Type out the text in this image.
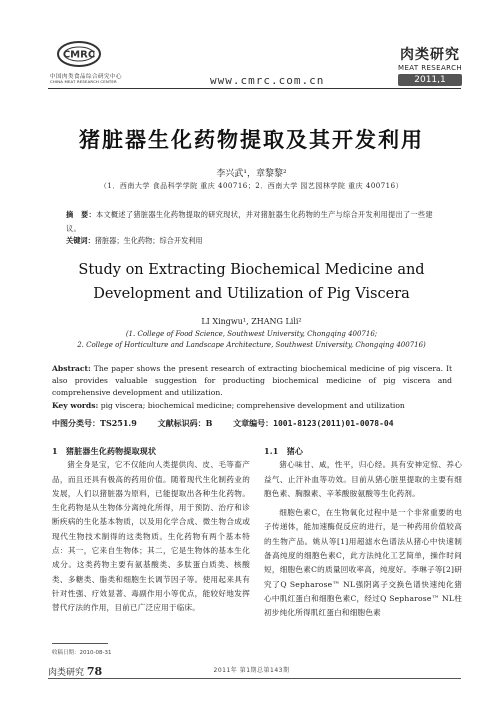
CMRC
中国肉类食品综合研究中心
CHINA MEAT RESEARCH CENTER	www.cmrc.com.cn
肉类研究
MEAT RESEARCH
2011,1
猪脏器生化药物提取及其开发利用
李兴武¹，章黎黎²
（1．西南大学 食品科学学院 重庆 400716；2．西南大学 园艺园林学院 重庆 400716）
摘　要：本文概述了猪脏器生化药物提取的研究现状，并对猪脏器生化药物的生产与综合开发利用提出了一些建议。
关键词：猪脏器；生化药物；综合开发利用
Study on Extracting Biochemical Medicine and
Development and Utilization of Pig Viscera
LI Xingwu¹, ZHANG Lili²
(1. College of Food Science, Southwest University, Chongqing 400716;
2. College of Horticulture and Landscape Architecture, Southwest University, Chongqing 400716)
Abstract: The paper shows the present research of extracting biochemical medicine of pig viscera. It also provides valuable suggestion for producting biochemical medicine of pig viscera and comprehensive development and utilization.
Key words: pig viscera; biochemical medicine; comprehensive development and utilization
中图分类号：TS251.9	文献标识码：B	文章编号：1001-8123(2011)01-0078-04
1　猪脏器生化药物提取现状
猪全身是宝，它不仅能向人类提供肉、皮、毛等畜产品，而且还具有极高的药用价值。随着现代生化制药业的发展，人们以猪脏器为原料，已能提取出各种生化药物。生化药物是从生物体分离纯化所得，用于预防、治疗和诊断疾病的生化基本物质，以及用化学合成、微生物合成或现代生物技术制得的这类物质。生化药物有两个基本特点：其一，它来自生物体；其二，它是生物体的基本生化成分。这类药物主要有氨基酸类、多肽蛋白质类、核酸类、多糖类、脂类和细胞生长调节因子等。使用起来具有针对性强、疗效显著、毒副作用小等优点，能较好地发挥替代疗法的作用，目前已广泛应用于临床。
1.1　猪心
猪心味甘、咸，性平，归心经。具有安神定惊、养心益气、止汗补血等功效。目前从猪心脏里提取的主要有细胞色素、胸腺素、辛苯酸胺氨酸等生化药剂。
细胞色素C，在生物氧化过程中是一个非常重要的电子传递体，能加速酶促反应的进行，是一种药用价值较高的生物产品。姚从等[1]用超滤水色谱法从猪心中快速制备高纯度的细胞色素C，此方法纯化工艺简单，操作时间短，细胞色素C的质量回收率高，纯度好。李琳子等[2]研究了Q Sepharose™ NL强阴离子交换色谱快速纯化猪心中肌红蛋白和细胞色素C，经过Q Sepharose™ NL柱初步纯化所得肌红蛋白和细胞色素
收稿日期：2010-08-31
肉类研究 78	2011年 第1期总第143期
